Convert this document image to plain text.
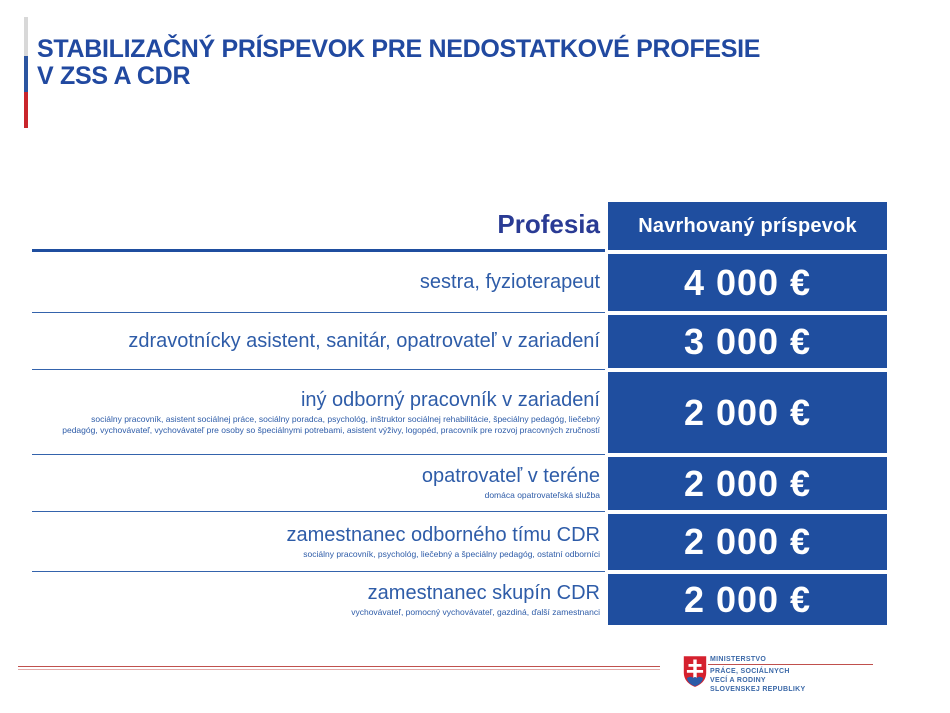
STABILIZAČNÝ PRÍSPEVOK PRE NEDOSTATKOVÉ PROFESIE
V ZSS A CDR
Profesia	Navrhovaný príspevok
sestra, fyzioterapeut	4 000 €
zdravotnícky asistent, sanitár, opatrovateľ v zariadení	3 000 €
iný odborný pracovník v zariadení
sociálny pracovník, asistent sociálnej práce, sociálny poradca, psychológ, inštruktor sociálnej rehabilitácie, špeciálny pedagóg, liečebný pedagóg, vychovávateľ, vychovávateľ pre osoby so špeciálnymi potrebami, asistent výživy, logopéd, pracovník pre rozvoj pracovných zručností	2 000 €
opatrovateľ v teréne
domáca opatrovateľská služba	2 000 €
zamestnanec odborného tímu CDR
sociálny pracovník, psychológ, liečebný a špeciálny pedagóg, ostatní odborníci	2 000 €
zamestnanec skupín CDR
vychovávateľ, pomocný vychovávateľ, gazdiná, ďalší zamestnanci	2 000 €
MINISTERSTVO
PRÁCE, SOCIÁLNYCH
VECÍ A RODINY
SLOVENSKEJ REPUBLIKY
